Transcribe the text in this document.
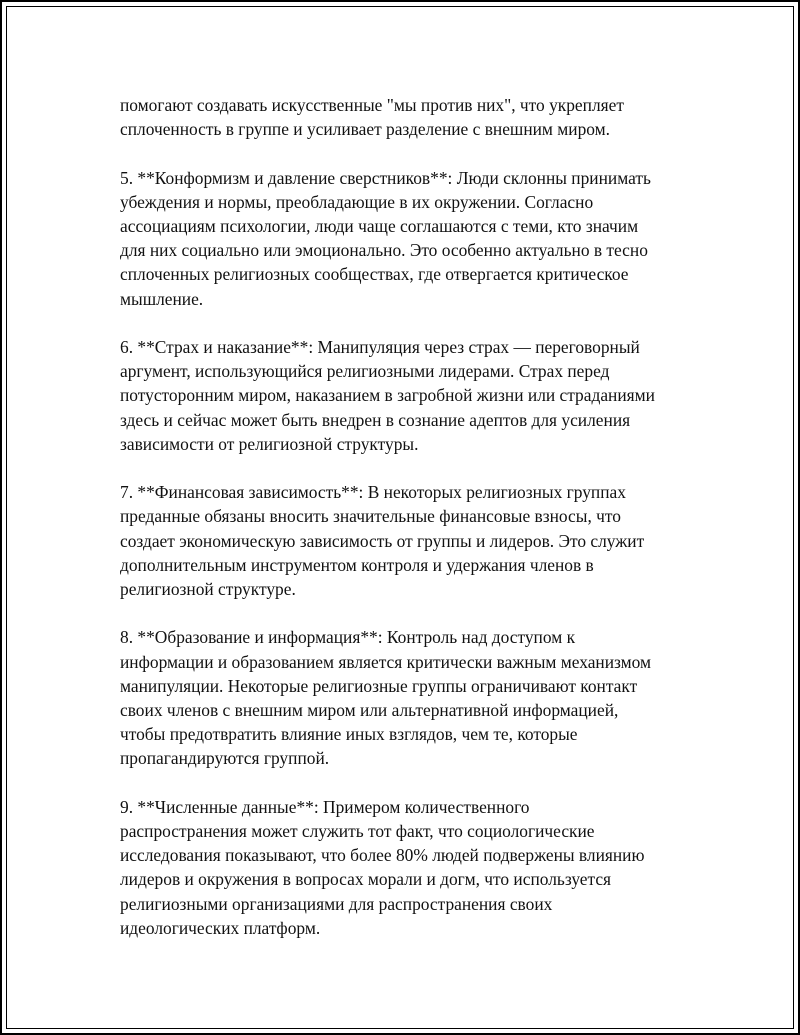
помогают создавать искусственные "мы против них", что укрепляет
сплоченность в группе и усиливает разделение с внешним миром.
5. **Конформизм и давление сверстников**: Люди склонны принимать
убеждения и нормы, преобладающие в их окружении. Согласно
ассоциациям психологии, люди чаще соглашаются с теми, кто значим
для них социально или эмоционально. Это особенно актуально в тесно
сплоченных религиозных сообществах, где отвергается критическое
мышление.
6. **Страх и наказание**: Манипуляция через страх — переговорный
аргумент, использующийся религиозными лидерами. Страх перед
потусторонним миром, наказанием в загробной жизни или страданиями
здесь и сейчас может быть внедрен в сознание адептов для усиления
зависимости от религиозной структуры.
7. **Финансовая зависимость**: В некоторых религиозных группах
преданные обязаны вносить значительные финансовые взносы, что
создает экономическую зависимость от группы и лидеров. Это служит
дополнительным инструментом контроля и удержания членов в
религиозной структуре.
8. **Образование и информация**: Контроль над доступом к
информации и образованием является критически важным механизмом
манипуляции. Некоторые религиозные группы ограничивают контакт
своих членов с внешним миром или альтернативной информацией,
чтобы предотвратить влияние иных взглядов, чем те, которые
пропагандируются группой.
9. **Численные данные**: Примером количественного
распространения может служить тот факт, что социологические
исследования показывают, что более 80% людей подвержены влиянию
лидеров и окружения в вопросах морали и догм, что используется
религиозными организациями для распространения своих
идеологических платформ.
